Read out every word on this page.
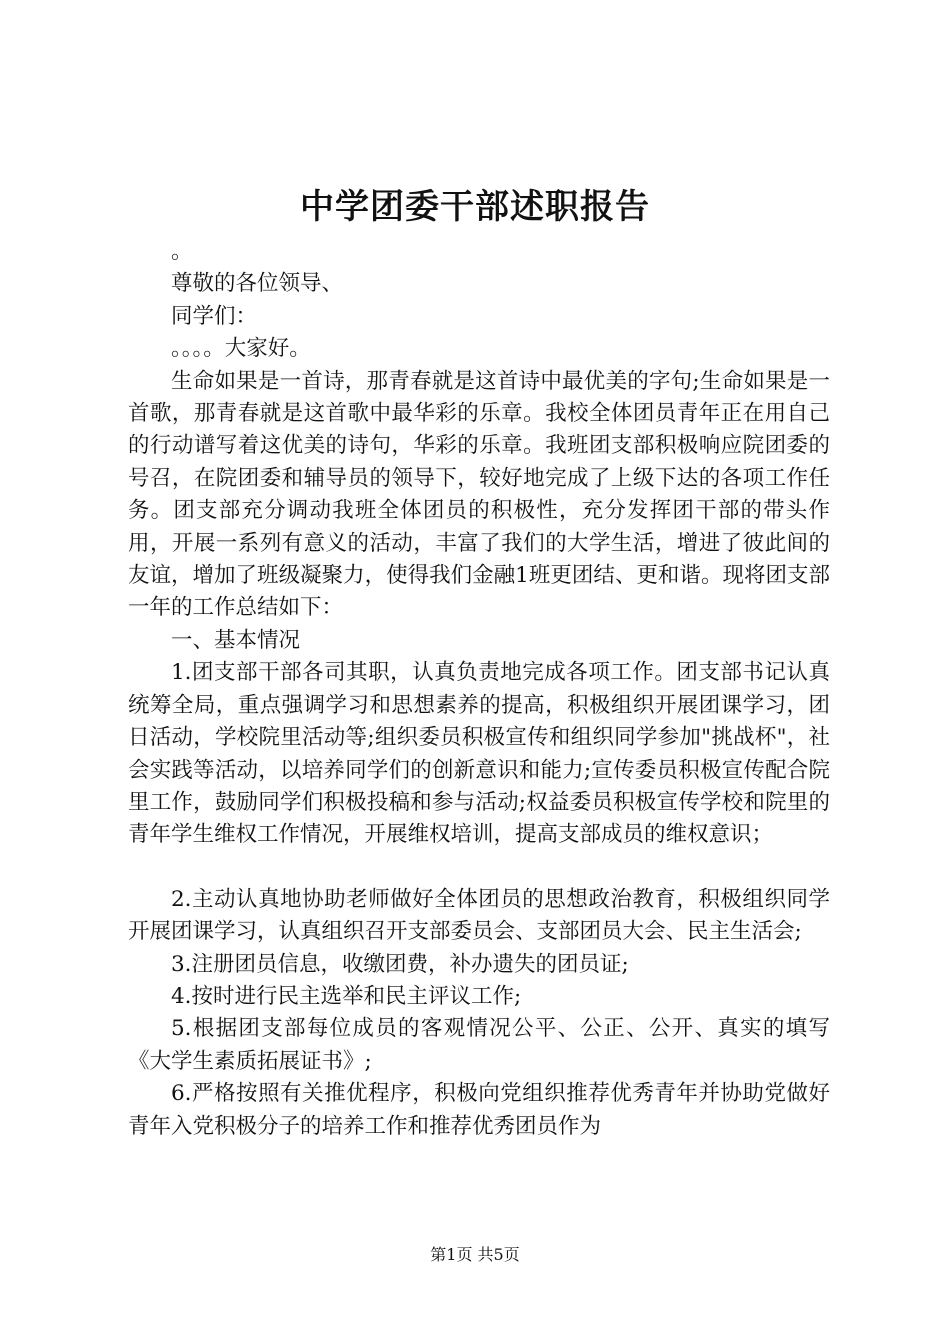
中学团委干部述职报告

。

尊敬的各位领导、

同学们：

。。。。大家好。

生命如果是一首诗，那青春就是这首诗中最优美的字句;生命如果是一首歌，那青春就是这首歌中最华彩的乐章。我校全体团员青年正在用自己的行动谱写着这优美的诗句，华彩的乐章。我班团支部积极响应院团委的号召，在院团委和辅导员的领导下，较好地完成了上级下达的各项工作任务。团支部充分调动我班全体团员的积极性，充分发挥团干部的带头作用，开展一系列有意义的活动，丰富了我们的大学生活，增进了彼此间的友谊，增加了班级凝聚力，使得我们金融1班更团结、更和谐。现将团支部一年的工作总结如下：

一、基本情况

1.团支部干部各司其职，认真负责地完成各项工作。团支部书记认真统筹全局，重点强调学习和思想素养的提高，积极组织开展团课学习，团日活动，学校院里活动等;组织委员积极宣传和组织同学参加"挑战杯"，社会实践等活动，以培养同学们的创新意识和能力;宣传委员积极宣传配合院里工作，鼓励同学们积极投稿和参与活动;权益委员积极宣传学校和院里的青年学生维权工作情况，开展维权培训，提高支部成员的维权意识；

2.主动认真地协助老师做好全体团员的思想政治教育，积极组织同学开展团课学习，认真组织召开支部委员会、支部团员大会、民主生活会;

3.注册团员信息，收缴团费，补办遗失的团员证;

4.按时进行民主选举和民主评议工作;

5.根据团支部每位成员的客观情况公平、公正、公开、真实的填写《大学生素质拓展证书》;

6.严格按照有关推优程序，积极向党组织推荐优秀青年并协助党做好青年入党积极分子的培养工作和推荐优秀团员作为

第1页 共5页
